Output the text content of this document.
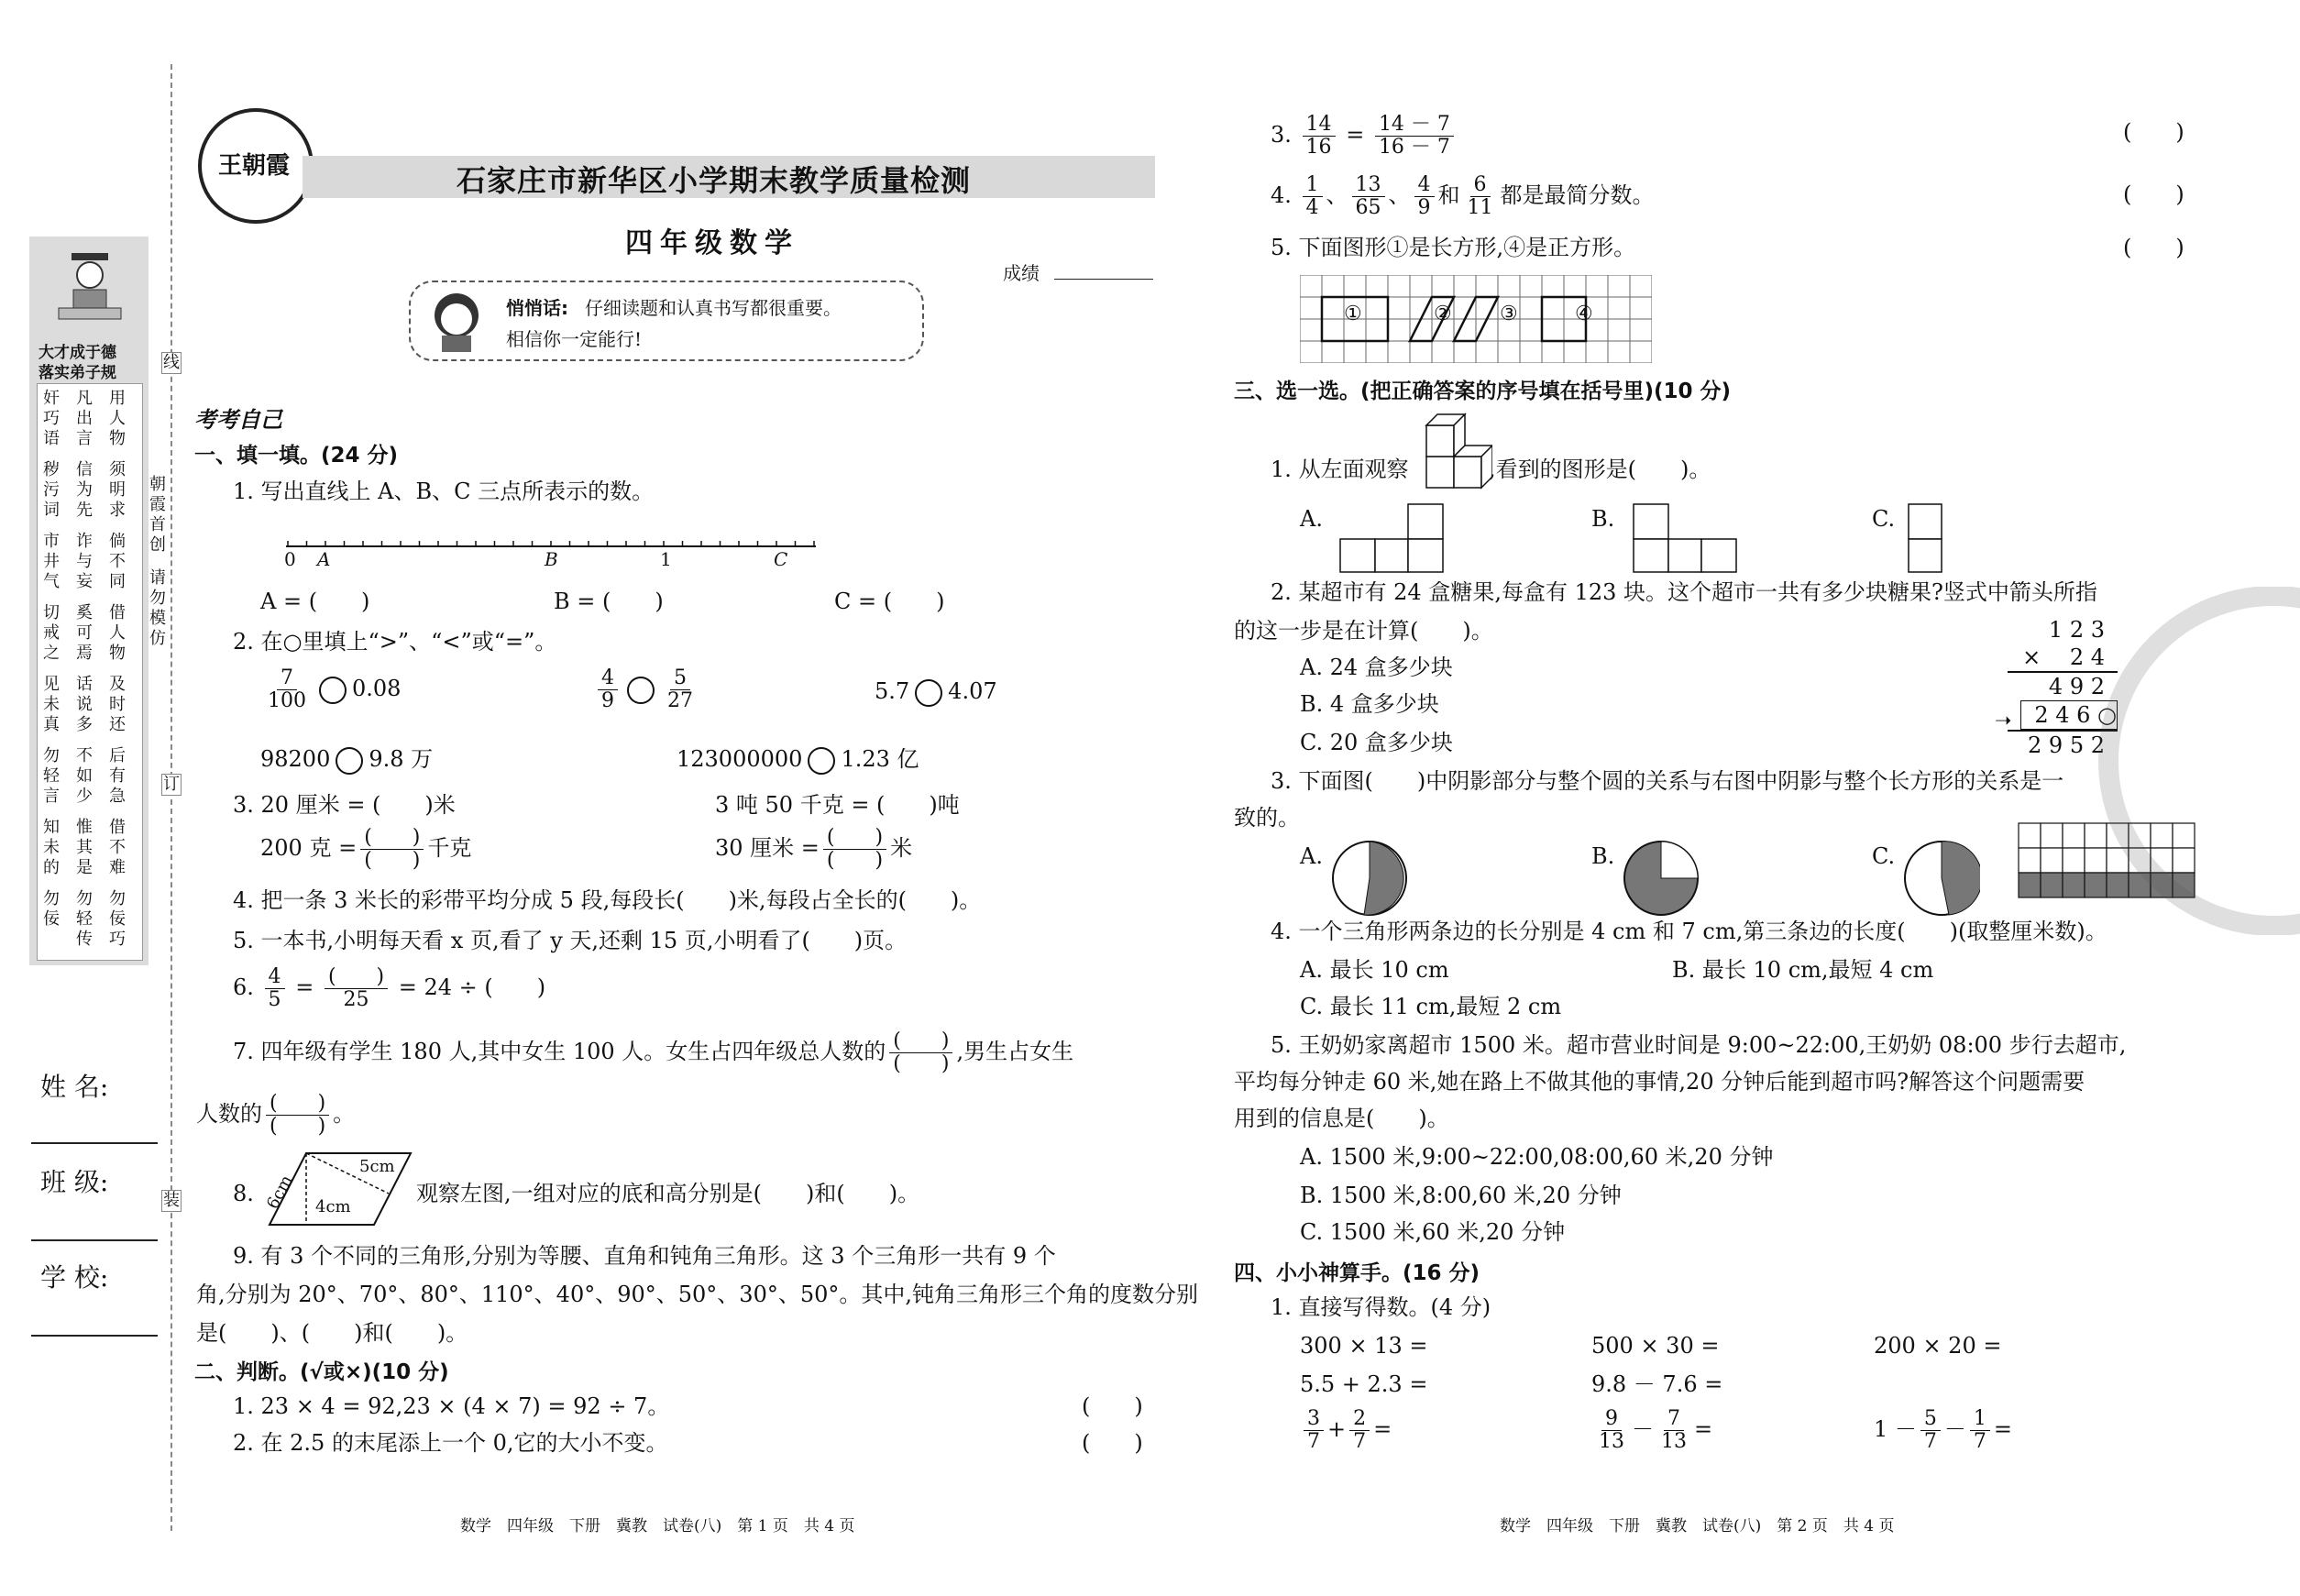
大才成于德
落实弟子规
用人物
凡出言
奸巧语
须明求
信为先
秽污词
倘不同
诈与妄
市井气
借人物
奚可焉
切戒之
及时还
话说多
见未真
后有急
不如少
勿轻言
借不难
惟其是
知未的
勿佞巧
勿轻传
勿佞
朝霞首创
请勿模仿
线
订
装
姓 名:
班 级:
学 校:
王朝霞	石家庄市新华区小学期末教学质量检测
四年级数学
成绩
悄悄话: 仔细读题和认真书写都很重要。
相信你一定能行!
考考自己
一、填一填。(24 分)
1. 写出直线上 A、B、C 三点所表示的数。
0 A	B	1	C
A = (　　)	B = (　　)	C = (　　)
2. 在○里填上“>”、“<”或“=”。
$\frac{7}{100} 0.08$	$\frac{4}{9} \frac{5}{27}$	5.7 4.07
98200 9.8 万	123000000 1.23 亿
3. 20 厘米 = (　　)米	3 吨 50 千克 = (　　)吨
200 克 = $\frac{( )}{( )}$ 千克	30 厘米 = $\frac{( )}{( )}$ 米
4. 把一条 3 米长的彩带平均分成 5 段,每段长(　　)米,每段占全长的(　　)。
5. 一本书,小明每天看 x 页,看了 y 天,还剩 15 页,小明看了(　　)页。
6. $\frac{4}{5} = \frac{( )}{25} = 24$ ÷ (　　)
7. 四年级有学生 180 人,其中女生 100 人。女生占四年级总人数的 $\frac{( )}{( )}$ ,男生占女生
人数的 $\frac{( )}{( )}$ 。
8. 6cm 4cm
5cm
观察左图,一组对应的底和高分别是(　　)和(　　)。
9. 有 3 个不同的三角形,分别为等腰、直角和钝角三角形。这 3 个三角形一共有 9 个
角,分别为 20°、70°、80°、110°、40°、90°、50°、30°、50°。其中,钝角三角形三个角的度数分别
是(　　)、(　　)和(　　)。
二、判断。(√或×)(10 分)
1. 23 × 4 = 92,23 × (4 × 7) = 92 ÷ 7。	(　　)
2. 在 2.5 的末尾添上一个 0,它的大小不变。	(　　)
数学　四年级　下册　冀教　试卷(八)　第 1 页　共 4 页
3. $\frac{14}{16} = \frac{14 - 7}{16 - 7}$	(　　)
4. $\frac{1}{4}$ 、 $\frac{13}{65}$ 、 $\frac{4}{9}$ 和 $\frac{6}{11}$ 都是最简分数。	(　　)
5. 下面图形①是长方形,④是正方形。	(　　)
①	② ③	④
三、选一选。(把正确答案的序号填在括号里)(10 分)
1. 从左面观察	,看到的图形是(　　)。
A.	B.	C.
2. 某超市有 24 盒糖果,每盒有 123 块。这个超市一共有多少块糖果?竖式中箭头所指
的这一步是在计算(　　)。
A. 24 盒多少块
B. 4 盒多少块
C. 20 盒多少块
1 2 3
× 　2 4
4 9 2
2 4 6 ○
2 9 5 2
➝
3. 下面图(　　)中阴影部分与整个圆的关系与右图中阴影与整个长方形的关系是一
致的。
A.	B.	C.
4. 一个三角形两条边的长分别是 4 cm 和 7 cm,第三条边的长度(　　)(取整厘米数)。
A. 最长 10 cm	B. 最长 10 cm,最短 4 cm
C. 最长 11 cm,最短 2 cm
5. 王奶奶家离超市 1500 米。超市营业时间是 9:00~22:00,王奶奶 08:00 步行去超市,
平均每分钟走 60 米,她在路上不做其他的事情,20 分钟后能到超市吗?解答这个问题需要
用到的信息是(　　)。
A. 1500 米,9:00~22:00,08:00,60 米,20 分钟
B. 1500 米,8:00,60 米,20 分钟
C. 1500 米,60 米,20 分钟
四、小小神算手。(16 分)
1. 直接写得数。(4 分)
300 × 13 =	500 × 30 =	200 × 20 =
5.5 + 2.3 =	9.8 － 7.6 =
$\frac{3}{7} + \frac{2}{7}$ =	$\frac{9}{13} - \frac{7}{13}$ =	$1 - \frac{5}{7} - \frac{1}{7}$ =
数学　四年级　下册　冀教　试卷(八)　第 2 页　共 4 页
